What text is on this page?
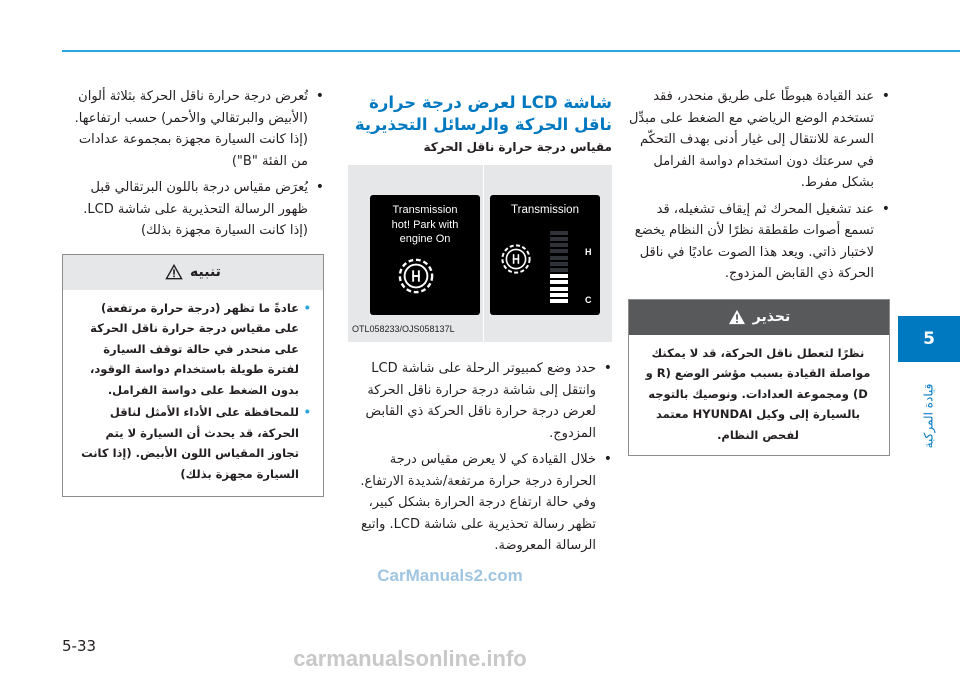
5
قيادة المركبة
• عند القيادة هبوطًا على طريق منحدر، فقد تستخدم الوضع الرياضي مع الضغط على مبدِّل السرعة للانتقال إلى غيار أدنى بهدف التحكّم في سرعتك دون استخدام دواسة الفرامل بشكل مفرط.
• عند تشغيل المحرك ثم إيقاف تشغيله، قد تسمع أصوات طقطقة نظرًا لأن النظام يخضع لاختبار ذاتي. ويعد هذا الصوت عاديًا في ناقل الحركة ذي القابض المزدوج.
تحذير

نظرًا لتعطل ناقل الحركة، قد لا يمكنك مواصلة القيادة بسبب مؤشر الوضع (R و D) ومجموعة العدادات. ونوصيك بالتوجه بالسيارة إلى وكيل HYUNDAI معتمد لفحص النظام.

شاشة LCD لعرض درجة حرارة ناقل الحركة والرسائل التحذيرية
مقياس درجة حرارة ناقل الحركة
Transmission
hot! Park with
engine On
Transmission
H
C
OTL058233/OJS058137L
• حدد وضع كمبيوتر الرحلة على شاشة LCD وانتقل إلى شاشة درجة حرارة ناقل الحركة لعرض درجة حرارة ناقل الحركة ذي القابض المزدوج.
• خلال القيادة كي لا يعرض مقياس درجة الحرارة درجة حرارة مرتفعة/شديدة الارتفاع. وفي حالة ارتفاع درجة الحرارة بشكل كبير، تظهر رسالة تحذيرية على شاشة LCD. واتبع الرسالة المعروضة.
• تُعرض درجة حرارة ناقل الحركة بثلاثة ألوان (الأبيض والبرتقالي والأحمر) حسب ارتفاعها. (إذا كانت السيارة مجهزة بمجموعة عدادات من الفئة "B")
• يُعرَض مقياس درجة باللون البرتقالي قبل ظهور الرسالة التحذيرية على شاشة LCD. (إذا كانت السيارة مجهزة بذلك)
تنبيه
• عادةً ما تظهر (درجة حرارة مرتفعة) على مقياس درجة حرارة ناقل الحركة على منحدر في حالة توقف السيارة لفترة طويلة باستخدام دواسة الوقود، بدون الضغط على دواسة الفرامل.
• للمحافظة على الأداء الأمثل لناقل الحركة، قد يحدث أن السيارة لا يتم تجاوز المقياس اللون الأبيض. (إذا كانت السيارة مجهزة بذلك)
CarManuals2.com
carmanualsonline.info
5-33
